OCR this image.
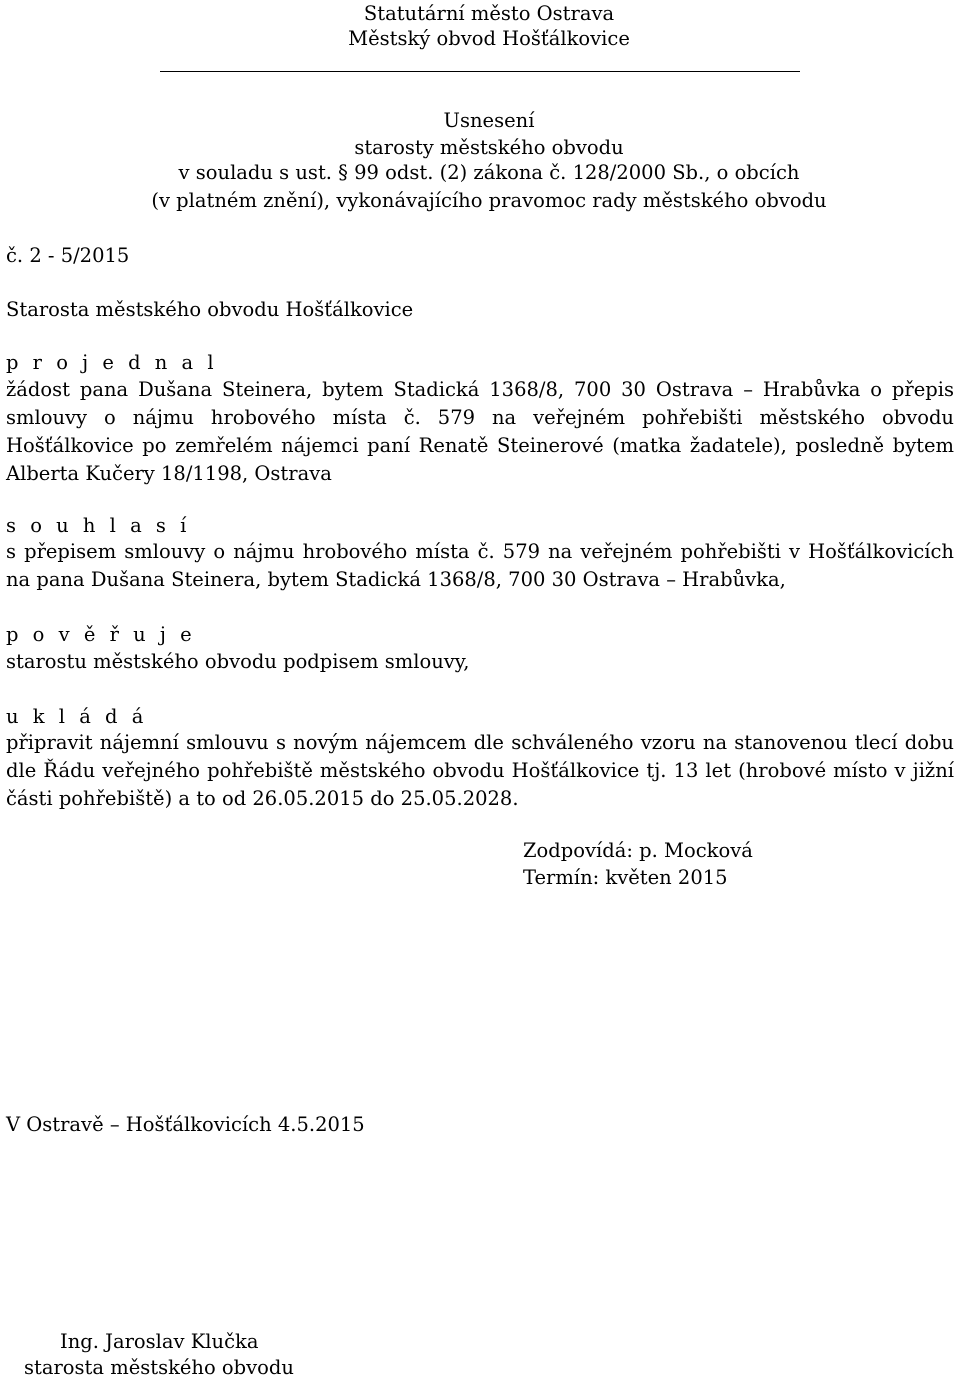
Statutární město Ostrava
Městský obvod Hošťálkovice
Usnesení
starosty městského obvodu
v souladu s ust. § 99 odst. (2) zákona č. 128/2000 Sb., o obcích
(v platném znění), vykonávajícího pravomoc rady městského obvodu
č. 2 - 5/2015
Starosta městského obvodu Hošťálkovice
p r o j e d n a l
žádost pana Dušana Steinera, bytem Stadická 1368/8, 700 30 Ostrava – Hrabůvka o přepis smlouvy o nájmu hrobového místa č. 579 na veřejném pohřebišti městského obvodu Hošťálkovice po zemřelém nájemci paní Renatě Steinerové (matka žadatele), posledně bytem Alberta Kučery 18/1198, Ostrava
s o u h l a s í
s přepisem smlouvy o nájmu hrobového místa č. 579 na veřejném pohřebišti v Hošťálkovicích na pana Dušana Steinera, bytem Stadická 1368/8, 700 30 Ostrava – Hrabůvka,
p o v ě ř u j e
starostu městského obvodu podpisem smlouvy,
u k l á d á
připravit nájemní smlouvu s novým nájemcem dle schváleného vzoru na stanovenou tlecí dobu dle Řádu veřejného pohřebiště městského obvodu Hošťálkovice tj. 13 let (hrobové místo v jižní části pohřebiště) a to od 26.05.2015 do 25.05.2028.
Zodpovídá: p. Mocková
Termín: květen 2015
V Ostravě – Hošťálkovicích 4.5.2015
Ing. Jaroslav Klučka
starosta městského obvodu
